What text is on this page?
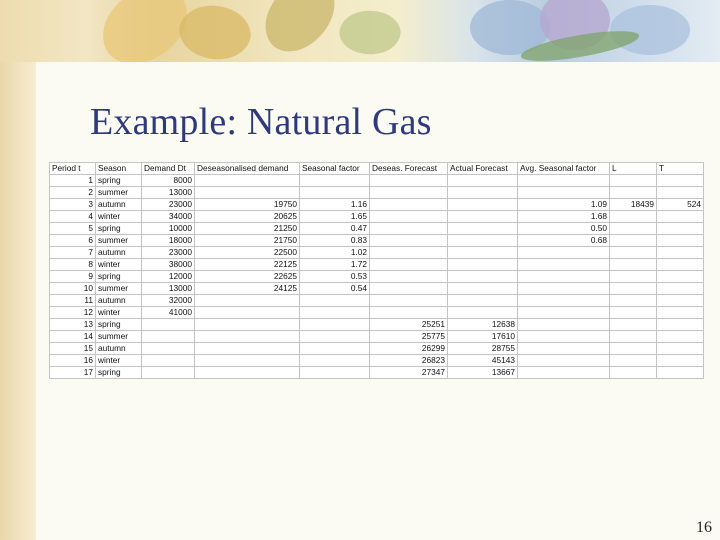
Example: Natural Gas
Period t	Season	Demand Dt	Deseasonalised demand	Seasonal factor	Deseas. Forecast	Actual Forecast	Avg. Seasonal factor	L	T
1	spring	8000							
2	summer	13000							
3	autumn	23000	19750	1.16			1.09	18439	524
4	winter	34000	20625	1.65			1.68		
5	spring	10000	21250	0.47			0.50		
6	summer	18000	21750	0.83			0.68		
7	autumn	23000	22500	1.02					
8	winter	38000	22125	1.72					
9	spring	12000	22625	0.53					
10	summer	13000	24125	0.54					
11	autumn	32000							
12	winter	41000							
13	spring				25251	12638			
14	summer				25775	17610			
15	autumn				26299	28755			
16	winter				26823	45143			
17	spring				27347	13667			
16
